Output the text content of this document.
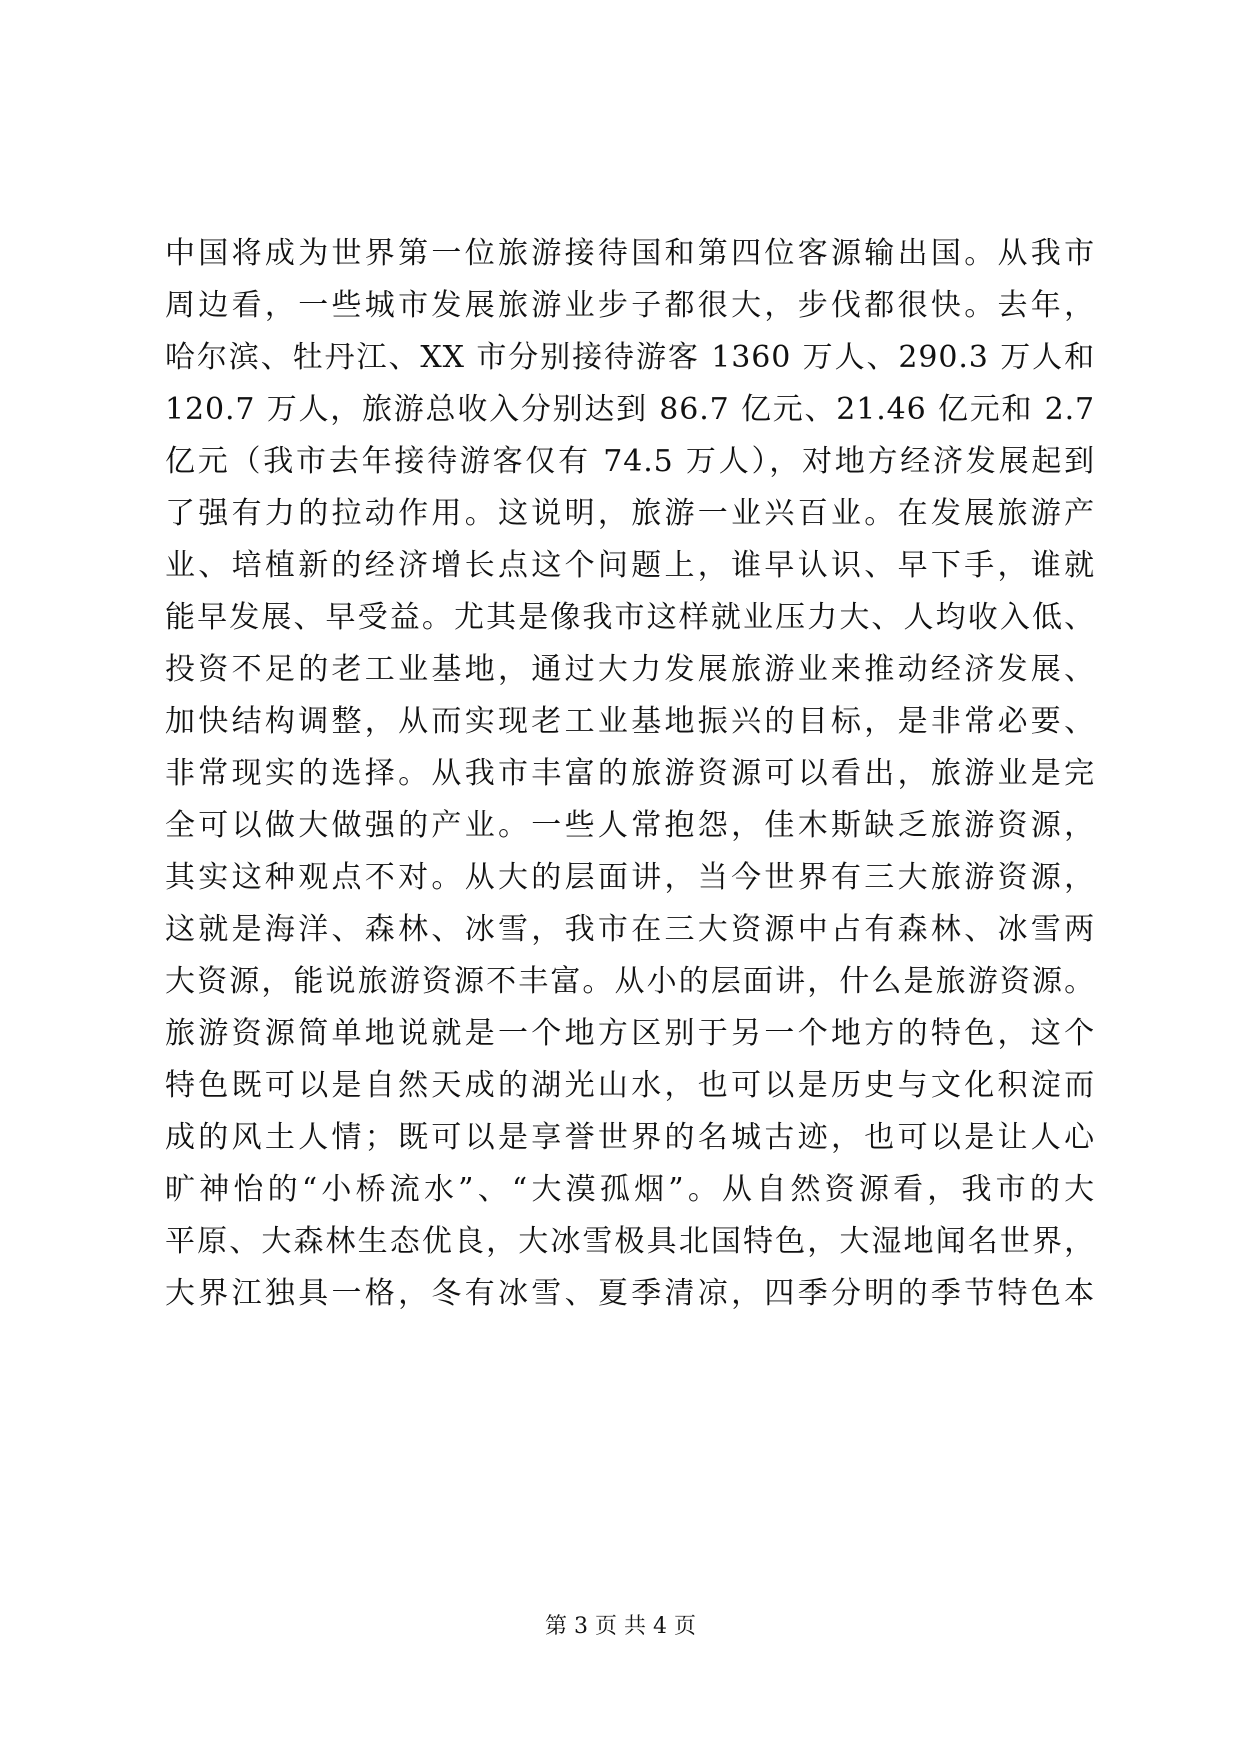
中国将成为世界第一位旅游接待国和第四位客源输出国。从我市
周边看，一些城市发展旅游业步子都很大，步伐都很快。去年，
哈尔滨、牡丹江、XX 市分别接待游客 1360 万人、290.3 万人和
120.7 万人，旅游总收入分别达到 86.7 亿元、21.46 亿元和 2.7
亿元（我市去年接待游客仅有 74.5 万人），对地方经济发展起到
了强有力的拉动作用。这说明，旅游一业兴百业。在发展旅游产
业、培植新的经济增长点这个问题上，谁早认识、早下手，谁就
能早发展、早受益。尤其是像我市这样就业压力大、人均收入低、
投资不足的老工业基地，通过大力发展旅游业来推动经济发展、
加快结构调整，从而实现老工业基地振兴的目标，是非常必要、
非常现实的选择。从我市丰富的旅游资源可以看出，旅游业是完
全可以做大做强的产业。一些人常抱怨，佳木斯缺乏旅游资源，
其实这种观点不对。从大的层面讲，当今世界有三大旅游资源，
这就是海洋、森林、冰雪，我市在三大资源中占有森林、冰雪两
大资源，能说旅游资源不丰富。从小的层面讲，什么是旅游资源。
旅游资源简单地说就是一个地方区别于另一个地方的特色，这个
特色既可以是自然天成的湖光山水，也可以是历史与文化积淀而
成的风土人情；既可以是享誉世界的名城古迹，也可以是让人心
旷神怡的“小桥流水”、“大漠孤烟”。从自然资源看，我市的大
平原、大森林生态优良，大冰雪极具北国特色，大湿地闻名世界，
大界江独具一格，冬有冰雪、夏季清凉，四季分明的季节特色本
第 3 页 共 4 页
